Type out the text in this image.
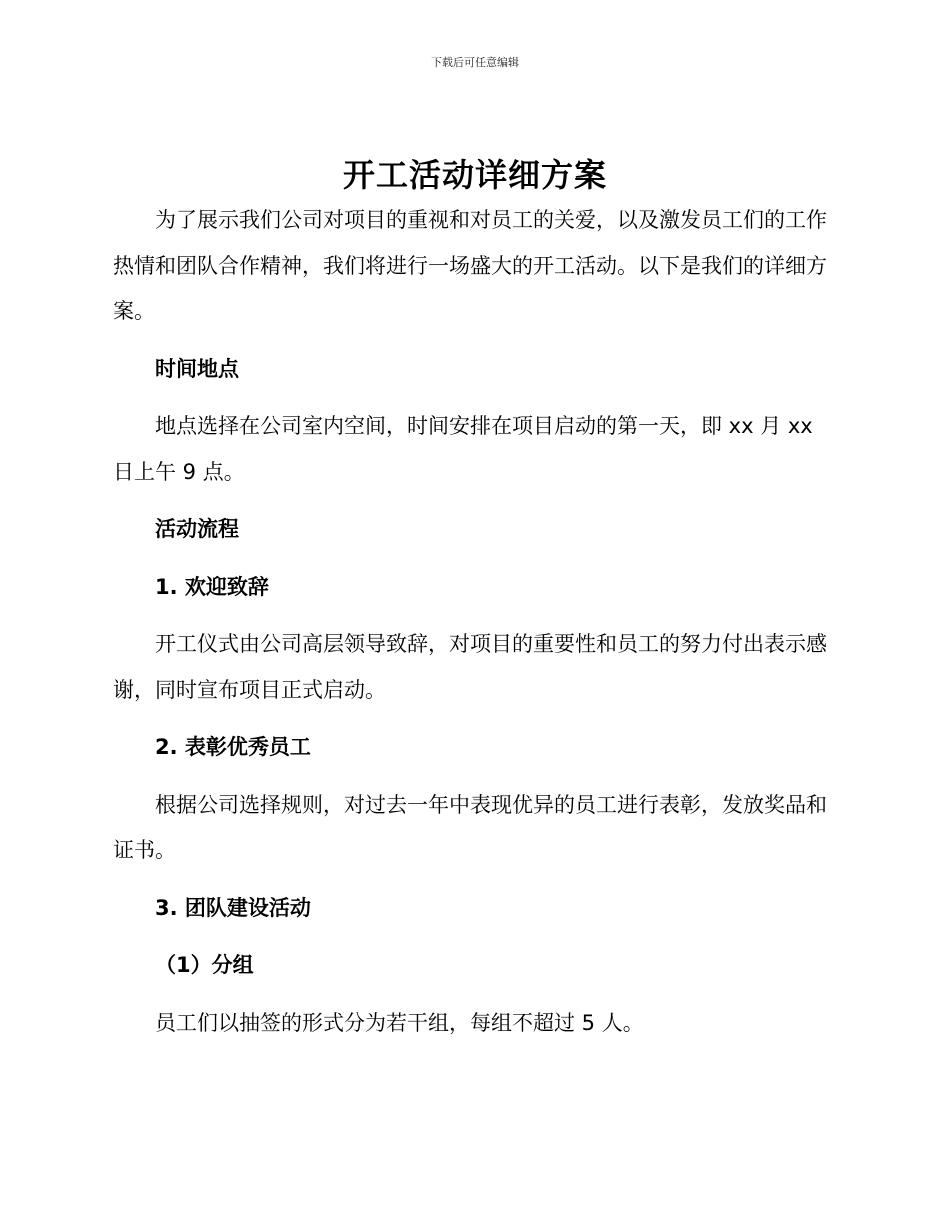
下载后可任意编辑
开工活动详细方案

为了展示我们公司对项目的重视和对员工的关爱，以及激发员工们的工作热情和团队合作精神，我们将进行一场盛大的开工活动。以下是我们的详细方案。

时间地点

地点选择在公司室内空间，时间安排在项目启动的第一天，即 xx 月 xx 日上午 9 点。

活动流程

1. 欢迎致辞

开工仪式由公司高层领导致辞，对项目的重要性和员工的努力付出表示感谢，同时宣布项目正式启动。

2. 表彰优秀员工

根据公司选择规则，对过去一年中表现优异的员工进行表彰，发放奖品和证书。

3. 团队建设活动

（1）分组

员工们以抽签的形式分为若干组，每组不超过 5 人。
